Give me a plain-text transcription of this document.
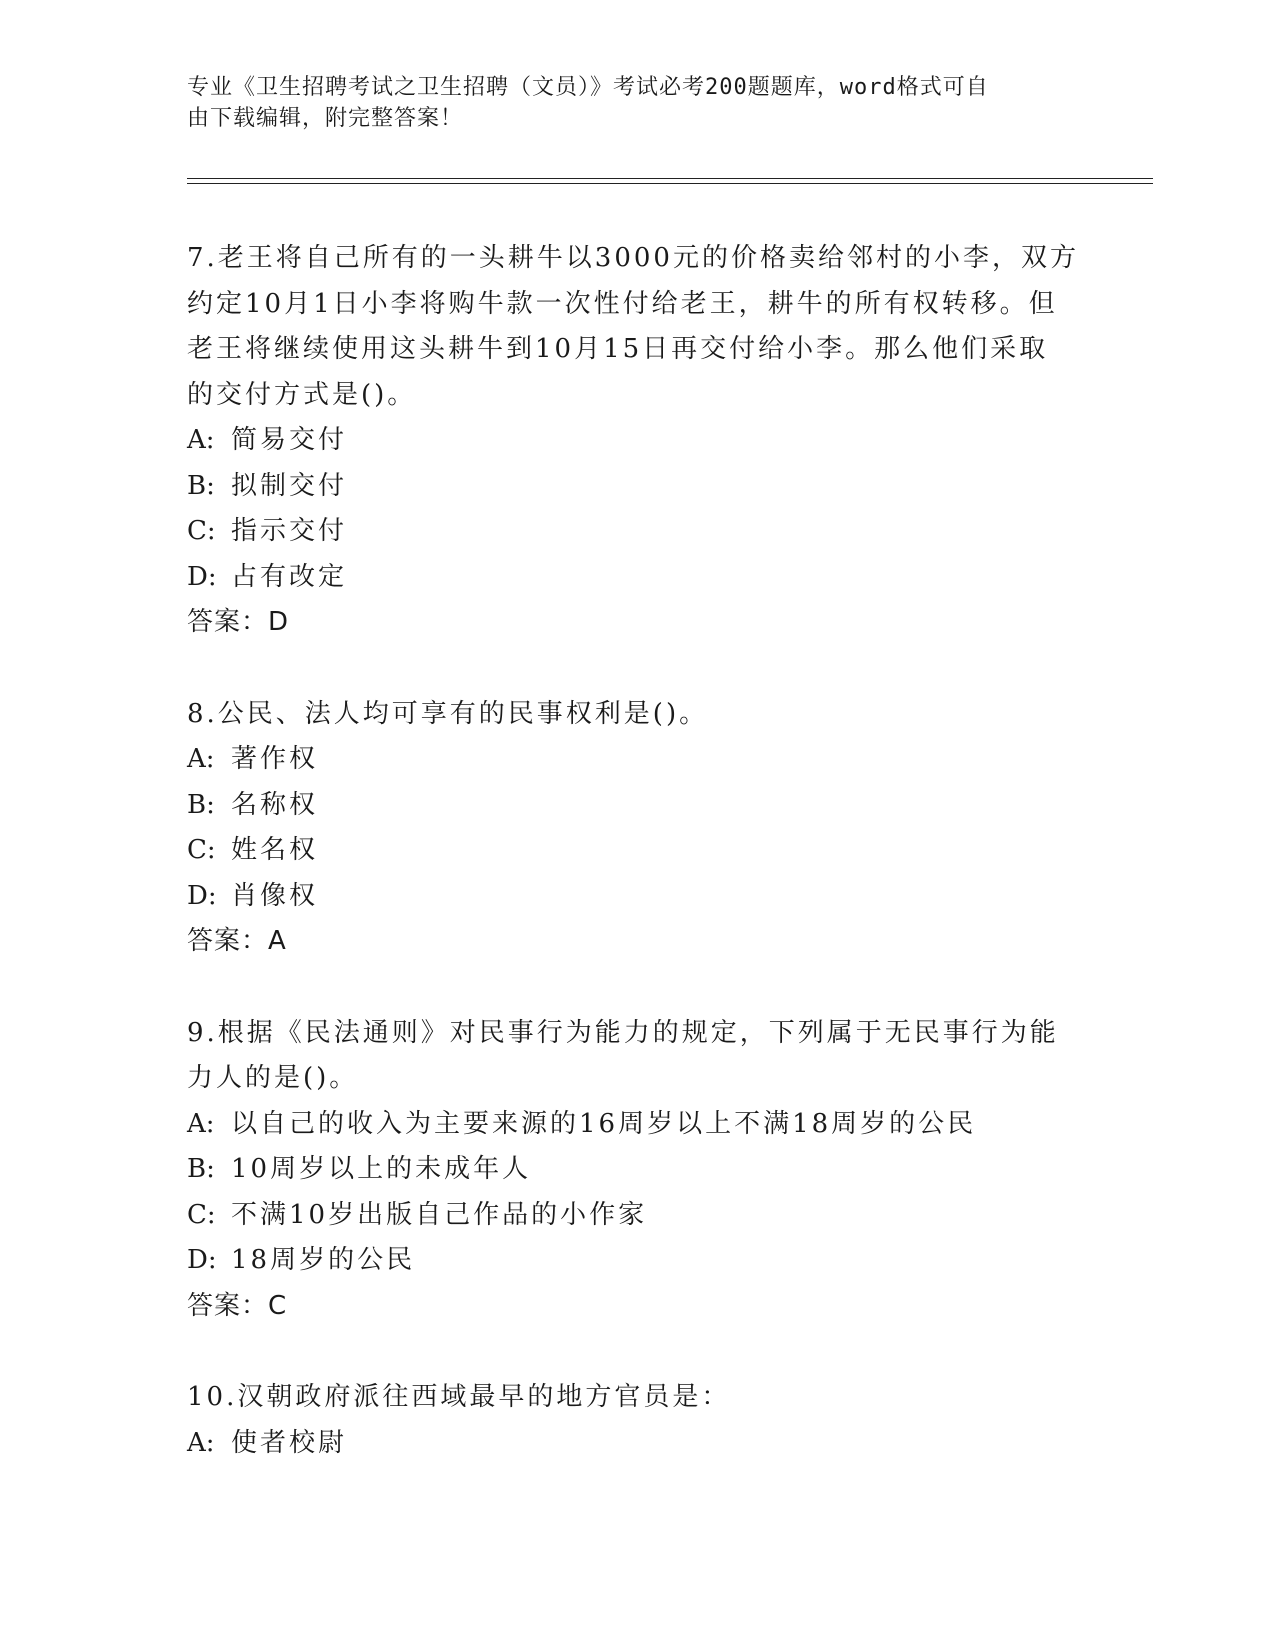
专业《卫生招聘考试之卫生招聘（文员）》考试必考200题题库，word格式可自
由下载编辑，附完整答案！

7.老王将自己所有的一头耕牛以3000元的价格卖给邻村的小李，双方

约定10月1日小李将购牛款一次性付给老王，耕牛的所有权转移。但

老王将继续使用这头耕牛到10月15日再交付给小李。那么他们采取

的交付方式是()。

A: 简易交付

B: 拟制交付

C: 指示交付

D: 占有改定

答案：D

8.公民、法人均可享有的民事权利是()。

A: 著作权

B: 名称权

C: 姓名权

D: 肖像权

答案：A

9.根据《民法通则》对民事行为能力的规定，下列属于无民事行为能

力人的是()。

A: 以自己的收入为主要来源的16周岁以上不满18周岁的公民

B: 10周岁以上的未成年人

C: 不满10岁出版自己作品的小作家

D: 18周岁的公民

答案：C

10.汉朝政府派往西域最早的地方官员是：

A: 使者校尉
